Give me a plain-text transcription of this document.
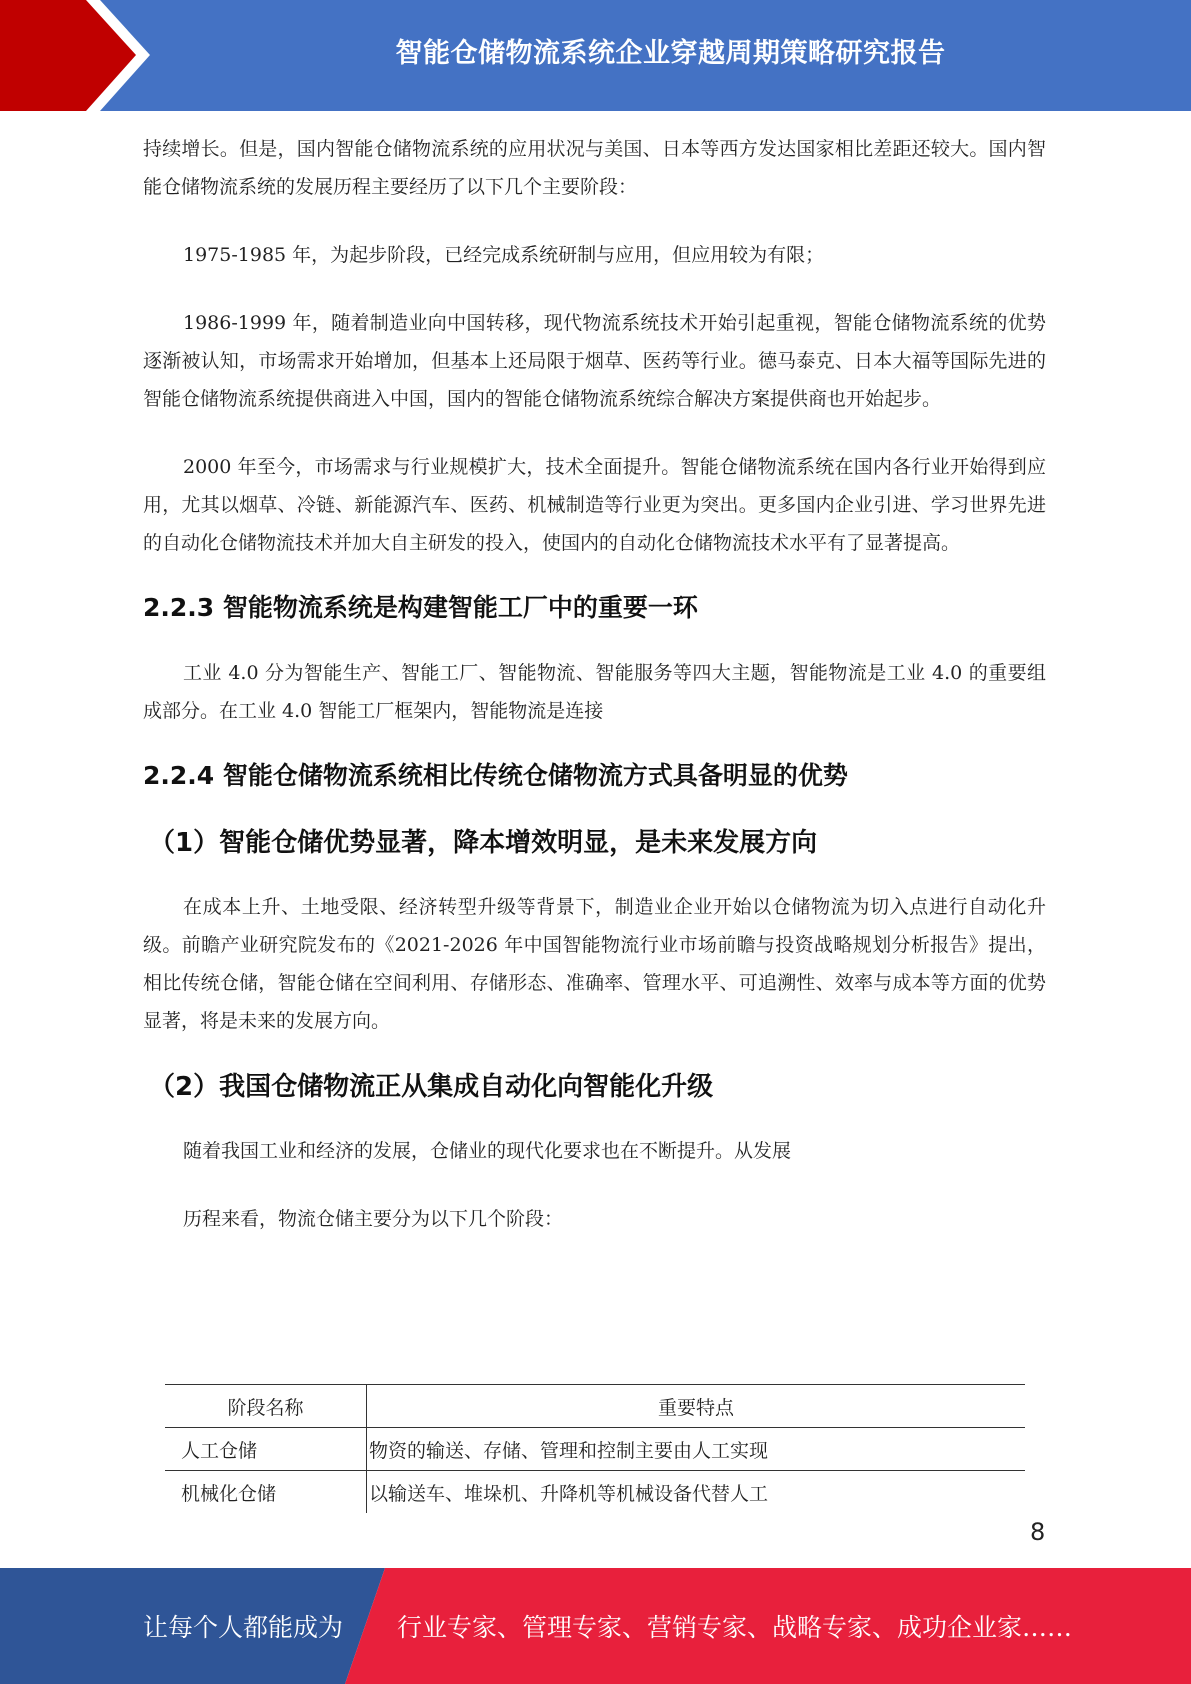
智能仓储物流系统企业穿越周期策略研究报告

持续增长。但是，国内智能仓储物流系统的应用状况与美国、日本等西方发达国家相比差距还较大。国内智能仓储物流系统的发展历程主要经历了以下几个主要阶段：

1975-1985 年，为起步阶段，已经完成系统研制与应用，但应用较为有限；

1986-1999 年，随着制造业向中国转移，现代物流系统技术开始引起重视，智能仓储物流系统的优势逐渐被认知，市场需求开始增加，但基本上还局限于烟草、医药等行业。德马泰克、日本大福等国际先进的智能仓储物流系统提供商进入中国，国内的智能仓储物流系统综合解决方案提供商也开始起步。

2000 年至今，市场需求与行业规模扩大，技术全面提升。智能仓储物流系统在国内各行业开始得到应用，尤其以烟草、冷链、新能源汽车、医药、机械制造等行业更为突出。更多国内企业引进、学习世界先进的自动化仓储物流技术并加大自主研发的投入，使国内的自动化仓储物流技术水平有了显著提高。

2.2.3 智能物流系统是构建智能工厂中的重要一环

工业 4.0 分为智能生产、智能工厂、智能物流、智能服务等四大主题，智能物流是工业 4.0 的重要组成部分。在工业 4.0 智能工厂框架内，智能物流是连接

2.2.4 智能仓储物流系统相比传统仓储物流方式具备明显的优势
（1）智能仓储优势显著，降本增效明显，是未来发展方向

在成本上升、土地受限、经济转型升级等背景下，制造业企业开始以仓储物流为切入点进行自动化升级。前瞻产业研究院发布的《2021-2026 年中国智能物流行业市场前瞻与投资战略规划分析报告》提出，相比传统仓储，智能仓储在空间利用、存储形态、准确率、管理水平、可追溯性、效率与成本等方面的优势显著，将是未来的发展方向。

（2）我国仓储物流正从集成自动化向智能化升级

随着我国工业和经济的发展，仓储业的现代化要求也在不断提升。从发展

历程来看，物流仓储主要分为以下几个阶段：

阶段名称	重要特点
人工仓储	物资的输送、存储、管理和控制主要由人工实现
机械化仓储	以输送车、堆垛机、升降机等机械设备代替人工
8
让每个人都能成为 行业专家、管理专家、营销专家、战略专家、成功企业家……
